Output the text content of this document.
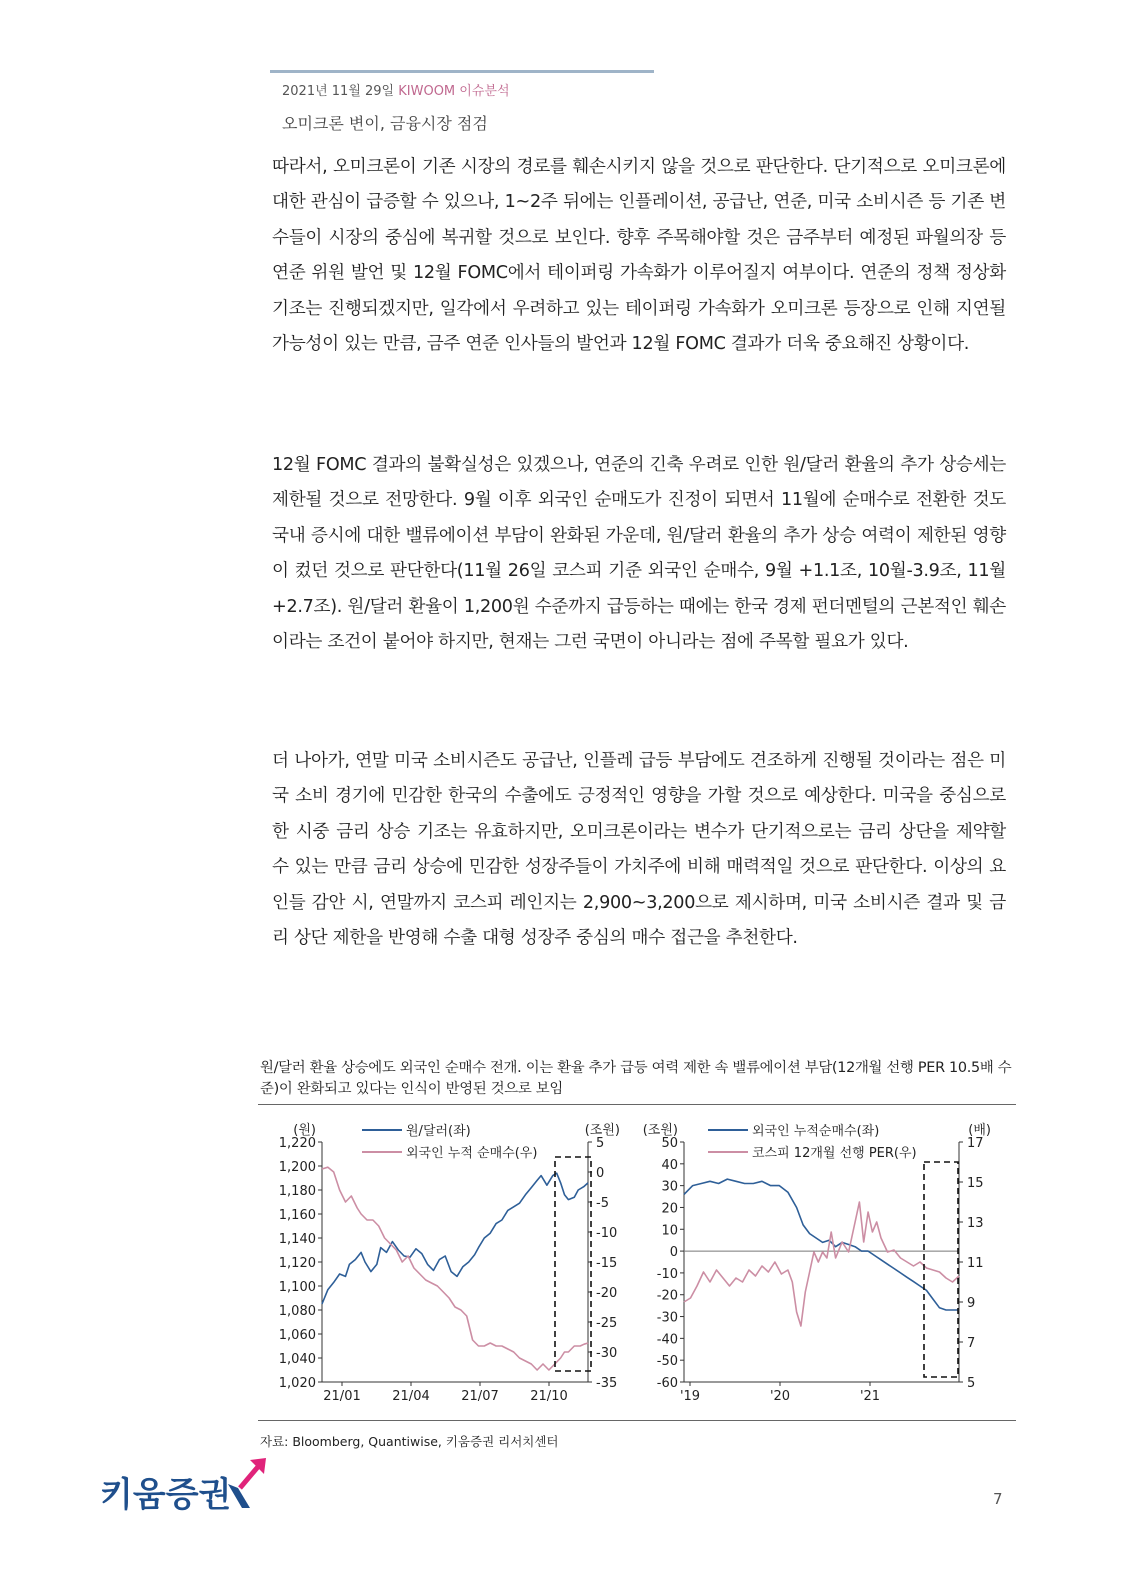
2021년 11월 29일 KIWOOM 이슈분석
오미크론 변이, 금융시장 점검
따라서, 오미크론이 기존 시장의 경로를 훼손시키지 않을 것으로 판단한다. 단기적으로 오미크론에 대한 관심이 급증할 수 있으나, 1~2주 뒤에는 인플레이션, 공급난, 연준, 미국 소비시즌 등 기존 변수들이 시장의 중심에 복귀할 것으로 보인다. 향후 주목해야할 것은 금주부터 예정된 파월의장 등 연준 위원 발언 및 12월 FOMC에서 테이퍼링 가속화가 이루어질지 여부이다. 연준의 정책 정상화 기조는 진행되겠지만, 일각에서 우려하고 있는 테이퍼링 가속화가 오미크론 등장으로 인해 지연될 가능성이 있는 만큼, 금주 연준 인사들의 발언과 12월 FOMC 결과가 더욱 중요해진 상황이다.
12월 FOMC 결과의 불확실성은 있겠으나, 연준의 긴축 우려로 인한 원/달러 환율의 추가 상승세는 제한될 것으로 전망한다. 9월 이후 외국인 순매도가 진정이 되면서 11월에 순매수로 전환한 것도 국내 증시에 대한 밸류에이션 부담이 완화된 가운데, 원/달러 환율의 추가 상승 여력이 제한된 영향이 컸던 것으로 판단한다(11월 26일 코스피 기준 외국인 순매수, 9월 +1.1조, 10월-3.9조, 11월 +2.7조). 원/달러 환율이 1,200원 수준까지 급등하는 때에는 한국 경제 펀더멘털의 근본적인 훼손이라는 조건이 붙어야 하지만, 현재는 그런 국면이 아니라는 점에 주목할 필요가 있다.
더 나아가, 연말 미국 소비시즌도 공급난, 인플레 급등 부담에도 견조하게 진행될 것이라는 점은 미국 소비 경기에 민감한 한국의 수출에도 긍정적인 영향을 가할 것으로 예상한다. 미국을 중심으로 한 시중 금리 상승 기조는 유효하지만, 오미크론이라는 변수가 단기적으로는 금리 상단을 제약할 수 있는 만큼 금리 상승에 민감한 성장주들이 가치주에 비해 매력적일 것으로 판단한다. 이상의 요인들 감안 시, 연말까지 코스피 레인지는 2,900~3,200으로 제시하며, 미국 소비시즌 결과 및 금리 상단 제한을 반영해 수출 대형 성장주 중심의 매수 접근을 추천한다.
원/달러 환율 상승에도 외국인 순매수 전개. 이는 환율 추가 급등 여력 제한 속 밸류에이션 부담(12개월 선행 PER 10.5배 수준)이 완화되고 있다는 인식이 반영된 것으로 보임
(원)	(조원)
1,220
1,200
1,180
1,160
1,140
1,120
1,100
1,080
1,060
1,040
1,020
5
0
-5
-10
-15
-20
-25
-30
-35
21/01 21/04 21/07 21/10
원/달러(좌)
외국인 누적 순매수(우)
(조원)	(배)
50
40
30
20
10
0
-10
-20
-30
-40
-50
-60
17
15
13
11
9
7
5
'19	'20	'21
외국인 누적순매수(좌)
코스피 12개월 선행 PER(우)
자료: Bloomberg, Quantiwise, 키움증권 리서치센터
키움증권	7
